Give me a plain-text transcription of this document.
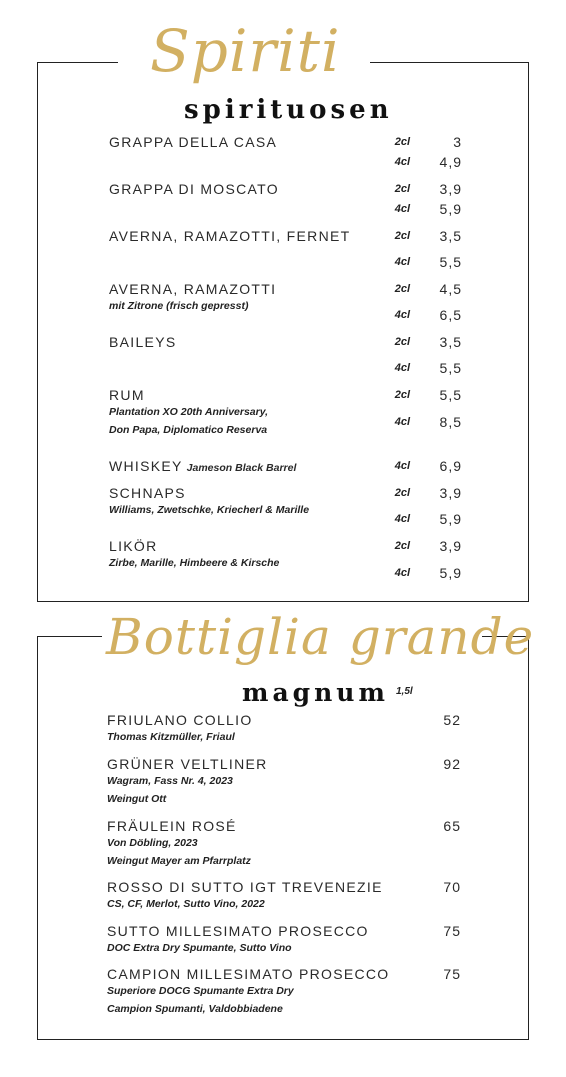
Spiriti
spirituosen
GRAPPA DELLA CASA	2cl	3
4cl	4,9
GRAPPA DI MOSCATO	2cl	3,9
4cl	5,9
AVERNA, RAMAZOTTI, FERNET	2cl	3,5
4cl	5,5
AVERNA, RAMAZOTTI
mit Zitrone (frisch gepresst)
2cl	4,5
4cl	6,5
BAILEYS	2cl	3,5
4cl	5,5
RUM
Plantation XO 20th Anniversary,
Don Papa, Diplomatico Reserva
2cl	5,5
4cl	8,5
WHISKEY Jameson Black Barrel	4cl	6,9
SCHNAPS
Williams, Zwetschke, Kriecherl & Marille
2cl	3,9
4cl	5,9
LIKÖR
Zirbe, Marille, Himbeere & Kirsche
2cl	3,9
4cl	5,9
Bottiglia grande
magnum 1,5l
FRIULANO COLLIO
Thomas Kitzmüller, Friaul
52
GRÜNER VELTLINER
Wagram, Fass Nr. 4, 2023
Weingut Ott
92
FRÄULEIN ROSÉ
Von Döbling, 2023
Weingut Mayer am Pfarrplatz
65
ROSSO DI SUTTO IGT TREVENEZIE
CS, CF, Merlot, Sutto Vino, 2022
70
SUTTO MILLESIMATO PROSECCO
DOC Extra Dry Spumante, Sutto Vino
75
CAMPION MILLESIMATO PROSECCO
Superiore DOCG Spumante Extra Dry
Campion Spumanti, Valdobbiadene
75
